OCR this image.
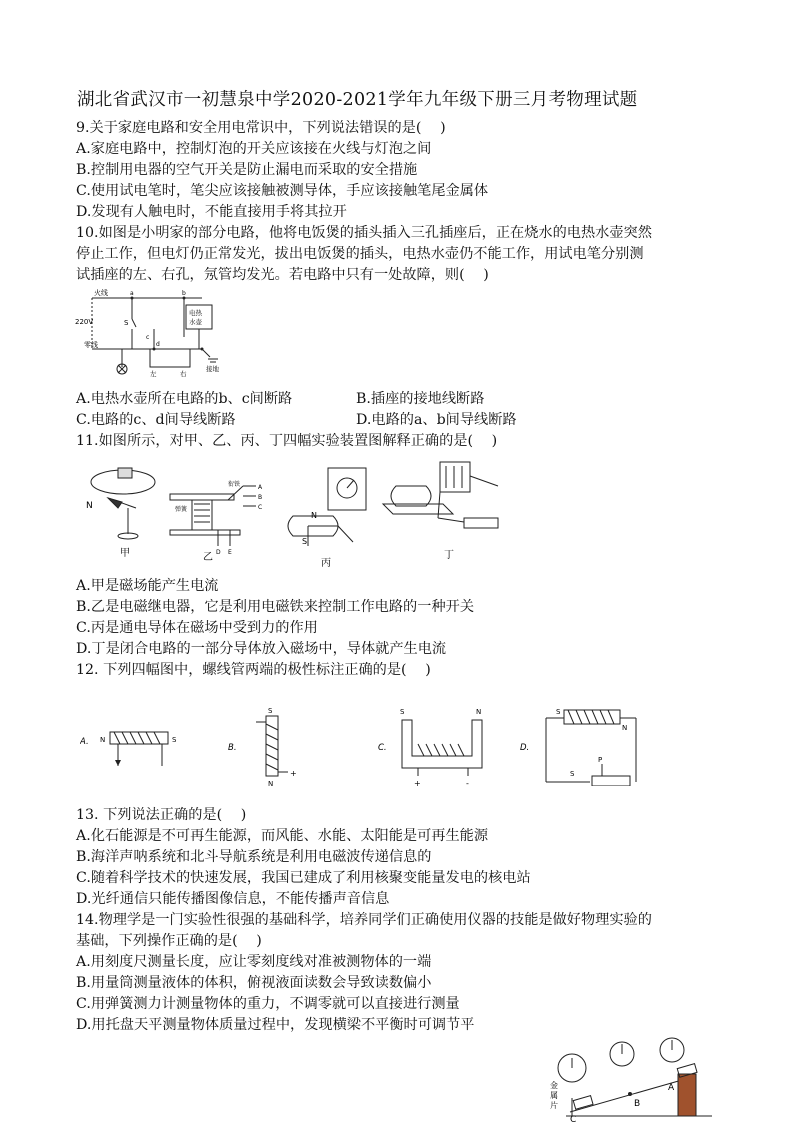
湖北省武汉市一初慧泉中学2020-2021学年九年级下册三月考物理试题
9.关于家庭电路和安全用电常识中，下列说法错误的是(　 )
A.家庭电路中，控制灯泡的开关应该接在火线与灯泡之间
B.控制用电器的空气开关是防止漏电而采取的安全措施
C.使用试电笔时，笔尖应该接触被测导体，手应该接触笔尾金属体
D.发现有人触电时，不能直接用手将其拉开
10.如图是小明家的部分电路，他将电饭煲的插头插入三孔插座后，正在烧水的电热水壶突然
停止工作，但电灯仍正常发光，拔出电饭煲的插头，电热水壶仍不能工作，用试电笔分别测
试插座的左、右孔，氖管均发光。若电路中只有一处故障，则(　 )
火线
220V
零线
a	b
c
d
S
电热
水壶
左	右
接地
A.电热水壶所在电路的b、c间断路	B.插座的接地线断路
C.电路的c、d间导线断路	D.电路的a、b间导线断路
11.如图所示，对甲、乙、丙、丁四幅实验装置图解释正确的是(　 )
N	弹簧
衔铁	A
B
C
D E
N
S
甲	乙
丙
丁
A.甲是磁场能产生电流
B.乙是电磁继电器，它是利用电磁铁来控制工作电路的一种开关
C.丙是通电导体在磁场中受到力的作用
D.丁是闭合电路的一部分导体放入磁场中，导体就产生电流
12. 下列四幅图中，螺线管两端的极性标注正确的是(　 )
A. N	S
B.
S
N
+
C.
S	N
+	-
D.
S
N
S
P
13. 下列说法正确的是(　 )
A.化石能源是不可再生能源，而风能、水能、太阳能是可再生能源
B.海洋声呐系统和北斗导航系统是利用电磁波传递信息的
C.随着科学技术的快速发展，我国已建成了利用核聚变能量发电的核电站
D.光纤通信只能传播图像信息，不能传播声音信息
14.物理学是一门实验性很强的基础科学，培养同学们正确使用仪器的技能是做好物理实验的
基础，下列操作正确的是(　 )
A.用刻度尺测量长度，应让零刻度线对准被测物体的一端
B.用量筒测量液体的体积，俯视液面读数会导致读数偏小
C.用弹簧测力计测量物体的重力，不调零就可以直接进行测量
D.用托盘天平测量物体质量过程中，发现横梁不平衡时可调节平
金
属
片
A
B
C
